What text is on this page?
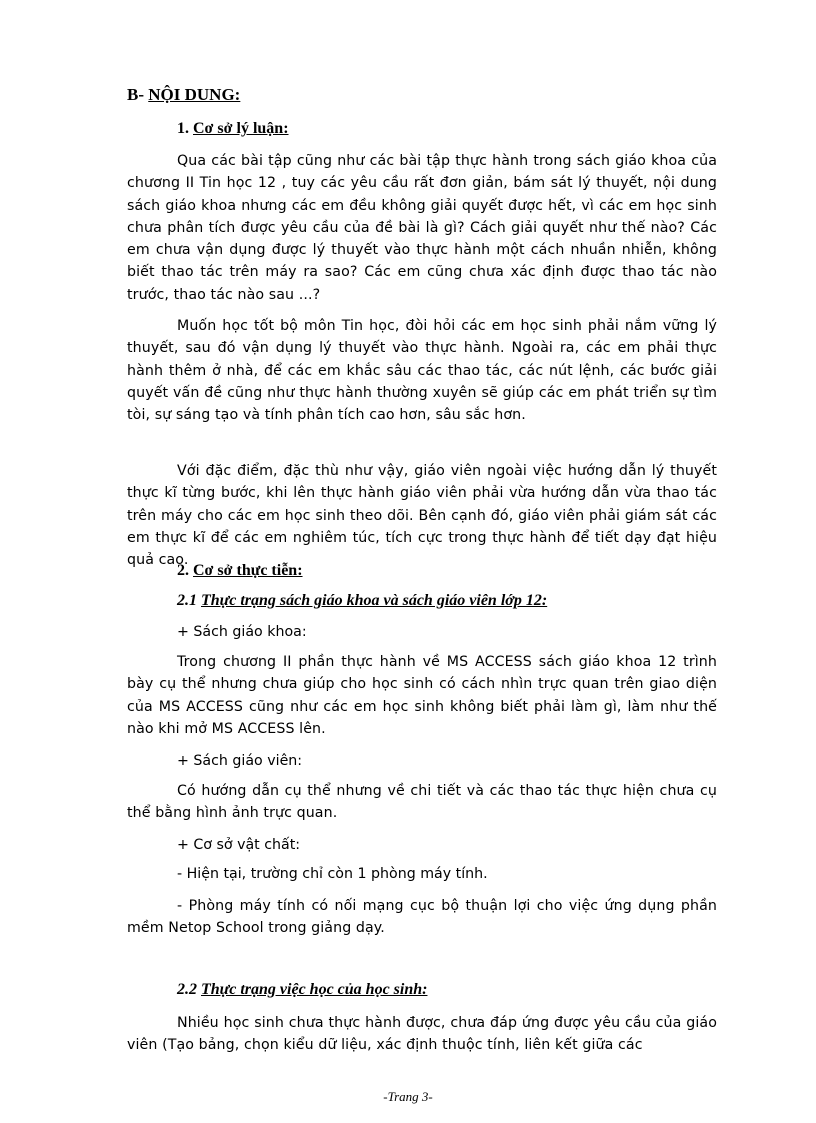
B- NỘI DUNG:
1. Cơ sở lý luận:
Qua các bài tập cũng như các bài tập thực hành trong sách giáo khoa của chương II Tin học 12 , tuy các yêu cầu rất đơn giản, bám sát lý thuyết, nội dung sách giáo khoa nhưng các em đều không giải quyết được hết, vì các em học sinh chưa phân tích được yêu cầu của đề bài là gì? Cách giải quyết như thế nào? Các em chưa vận dụng được lý thuyết vào thực hành một cách nhuần nhiễn, không biết thao tác trên máy ra sao? Các em cũng chưa xác định được thao tác nào trước, thao tác nào sau ...?
Muốn học tốt bộ môn Tin học, đòi hỏi các em học sinh phải nắm vững lý thuyết, sau đó vận dụng lý thuyết vào thực hành. Ngoài ra, các em phải thực hành thêm ở nhà, để các em khắc sâu các thao tác, các nút lệnh, các bước giải quyết vấn đề cũng như thực hành thường xuyên sẽ giúp các em phát triển sự tìm tòi, sự sáng tạo và tính phân tích cao hơn, sâu sắc hơn.
Với đặc điểm, đặc thù như vậy, giáo viên ngoài việc hướng dẫn lý thuyết thực kĩ từng bước, khi lên thực hành giáo viên phải vừa hướng dẫn vừa thao tác trên máy cho các em học sinh theo dõi. Bên cạnh đó, giáo viên phải giám sát các em thực kĩ để các em nghiêm túc, tích cực trong thực hành để tiết dạy đạt hiệu quả cao.
2. Cơ sở thực tiễn:
2.1 Thực trạng sách giáo khoa và sách giáo viên lớp 12:
+ Sách giáo khoa:
Trong chương II phần thực hành về MS ACCESS sách giáo khoa 12 trình bày cụ thể nhưng chưa giúp cho học sinh có cách nhìn trực quan trên giao diện của MS ACCESS cũng như các em học sinh không biết phải làm gì, làm như thế nào khi mở MS ACCESS lên.
+ Sách giáo viên:
Có hướng dẫn cụ thể nhưng về chi tiết và các thao tác thực hiện chưa cụ thể bằng hình ảnh trực quan.
+ Cơ sở vật chất:
- Hiện tại, trường chỉ còn 1 phòng máy tính.
- Phòng máy tính có nối mạng cục bộ thuận lợi cho việc ứng dụng phần mềm Netop School trong giảng dạy.
2.2 Thực trạng việc học của học sinh:
Nhiều học sinh chưa thực hành được, chưa đáp ứng được yêu cầu của giáo viên (Tạo bảng, chọn kiểu dữ liệu, xác định thuộc tính, liên kết giữa các
-Trang 3-
